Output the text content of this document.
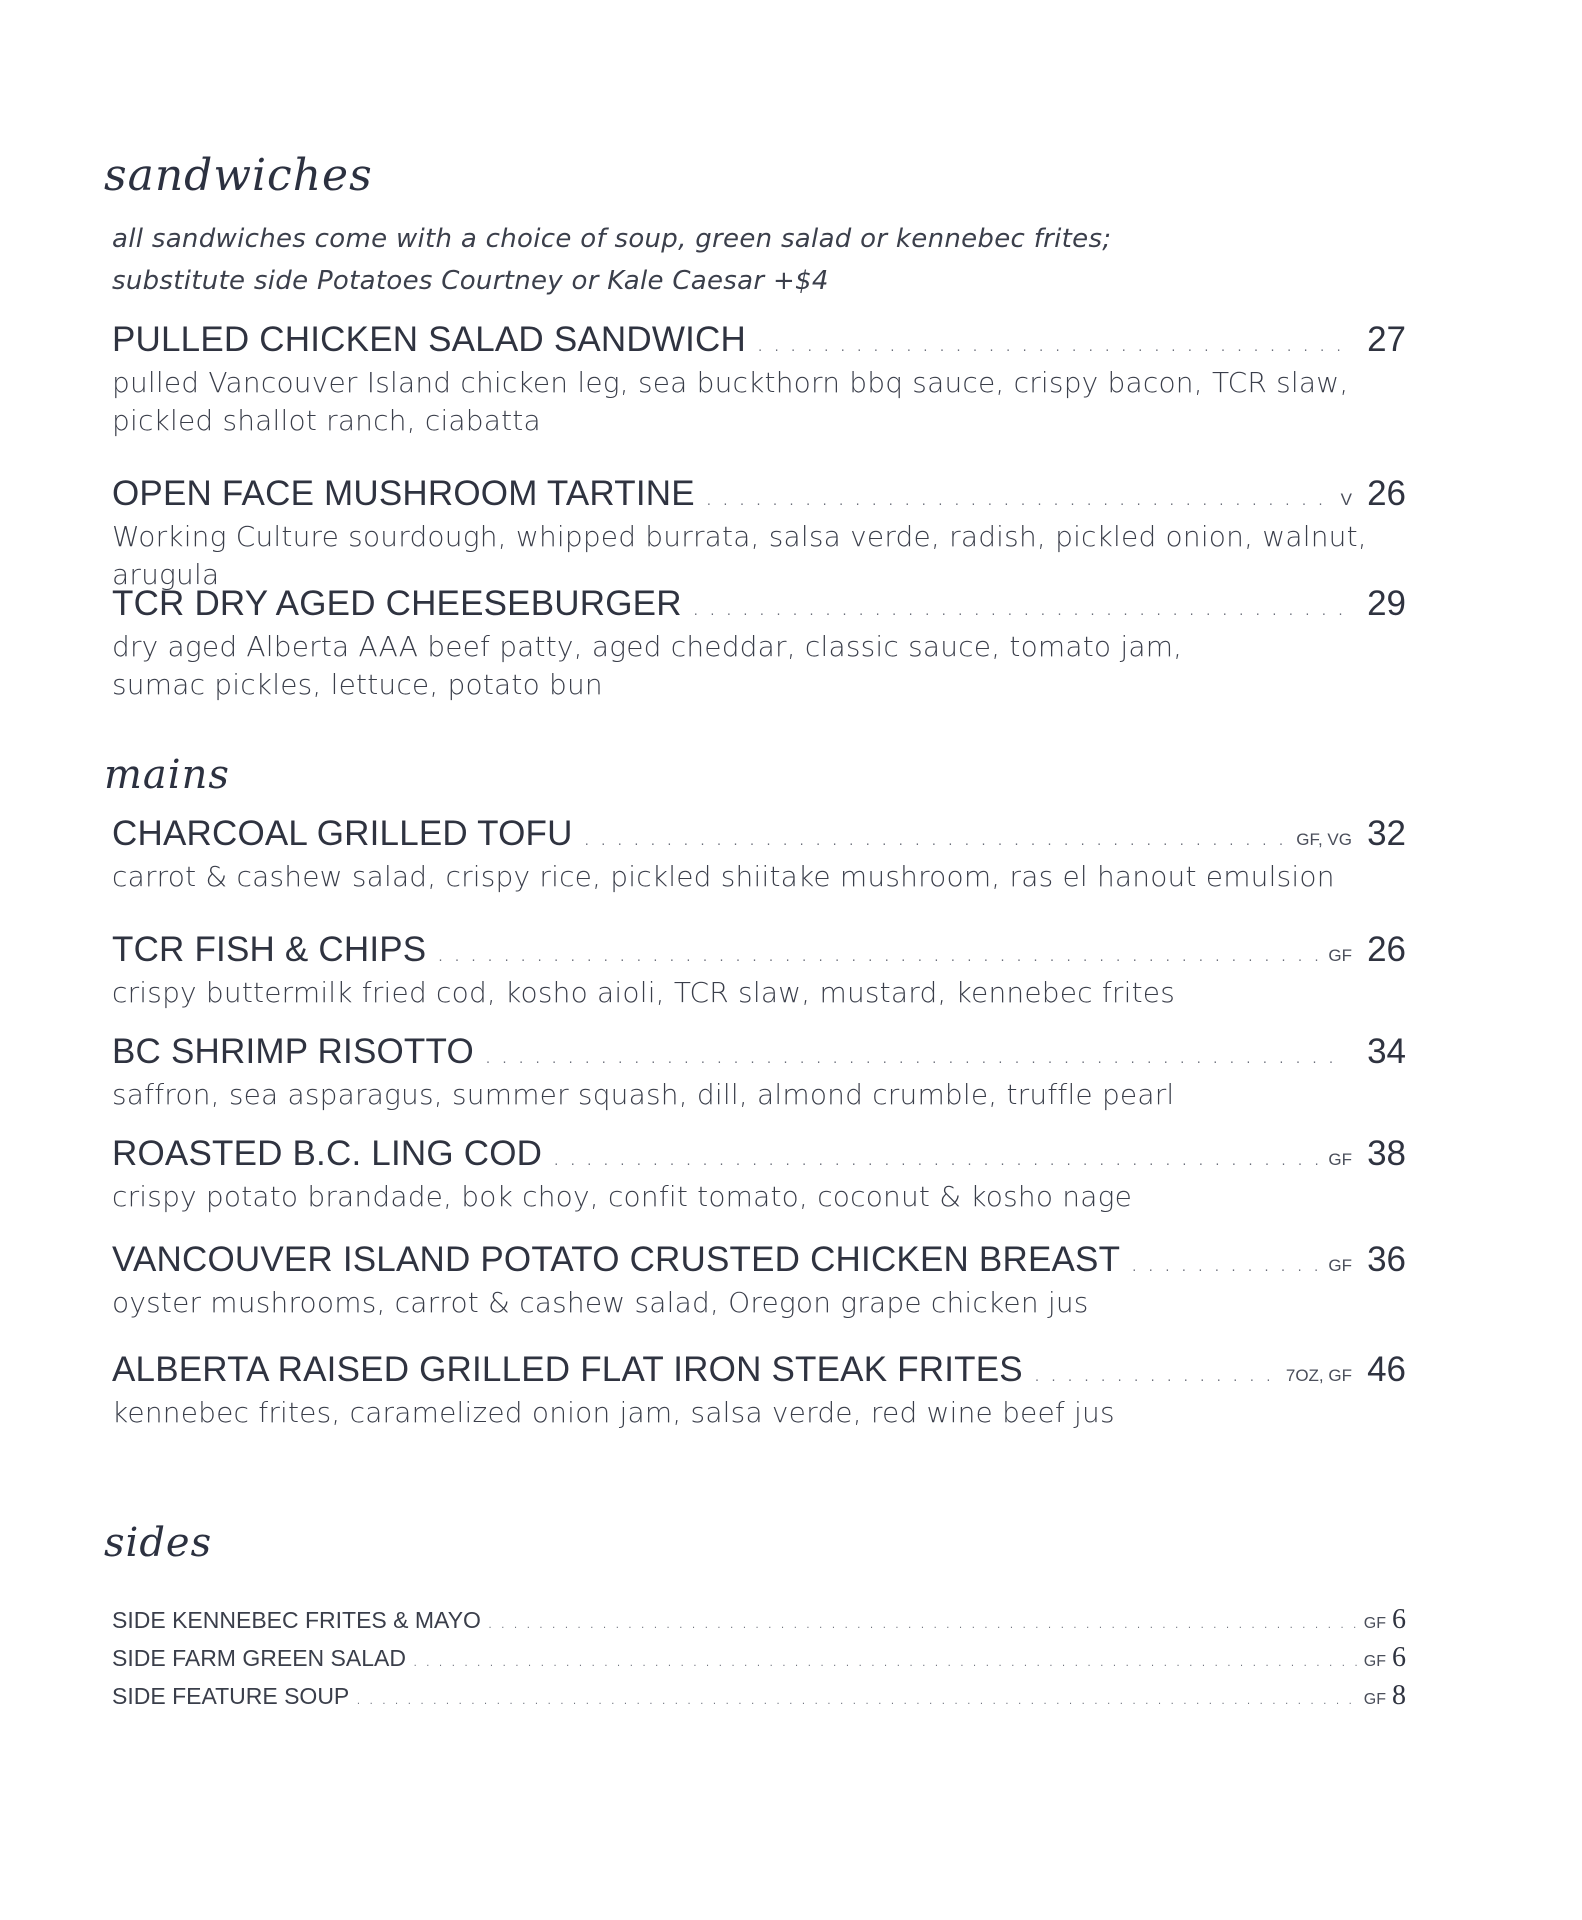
sandwiches
all sandwiches come with a choice of soup, green salad or kennebec frites;
substitute side Potatoes Courtney or Kale Caesar +$4
PULLED CHICKEN SALAD SANDWICH . . .	27
pulled Vancouver Island chicken leg, sea buckthorn bbq sauce, crispy bacon, TCR slaw,
pickled shallot ranch, ciabatta
OPEN FACE MUSHROOM TARTINE . . .	V 26
Working Culture sourdough, whipped burrata, salsa verde, radish, pickled onion, walnut, arugula
TCR DRY AGED CHEESEBURGER . . .	29
dry aged Alberta AAA beef patty, aged cheddar, classic sauce, tomato jam,
sumac pickles, lettuce, potato bun
mains
CHARCOAL GRILLED TOFU . . .	GF, VG 32
carrot & cashew salad, crispy rice, pickled shiitake mushroom, ras el hanout emulsion
TCR FISH & CHIPS . . .	GF 26
crispy buttermilk fried cod, kosho aioli, TCR slaw, mustard, kennebec frites
BC SHRIMP RISOTTO . . .	34
saffron, sea asparagus, summer squash, dill, almond crumble, truffle pearl
ROASTED B.C. LING COD . . .	GF 38
crispy potato brandade, bok choy, confit tomato, coconut & kosho nage
VANCOUVER ISLAND POTATO CRUSTED CHICKEN BREAST . . .	GF 36
oyster mushrooms, carrot & cashew salad, Oregon grape chicken jus
ALBERTA RAISED GRILLED FLAT IRON STEAK FRITES . . .	7OZ, GF 46
kennebec frites, caramelized onion jam, salsa verde, red wine beef jus
sides
SIDE KENNEBEC FRITES & MAYO . . .	GF 6
SIDE FARM GREEN SALAD . . .	GF 6
SIDE FEATURE SOUP . . .	GF 8
